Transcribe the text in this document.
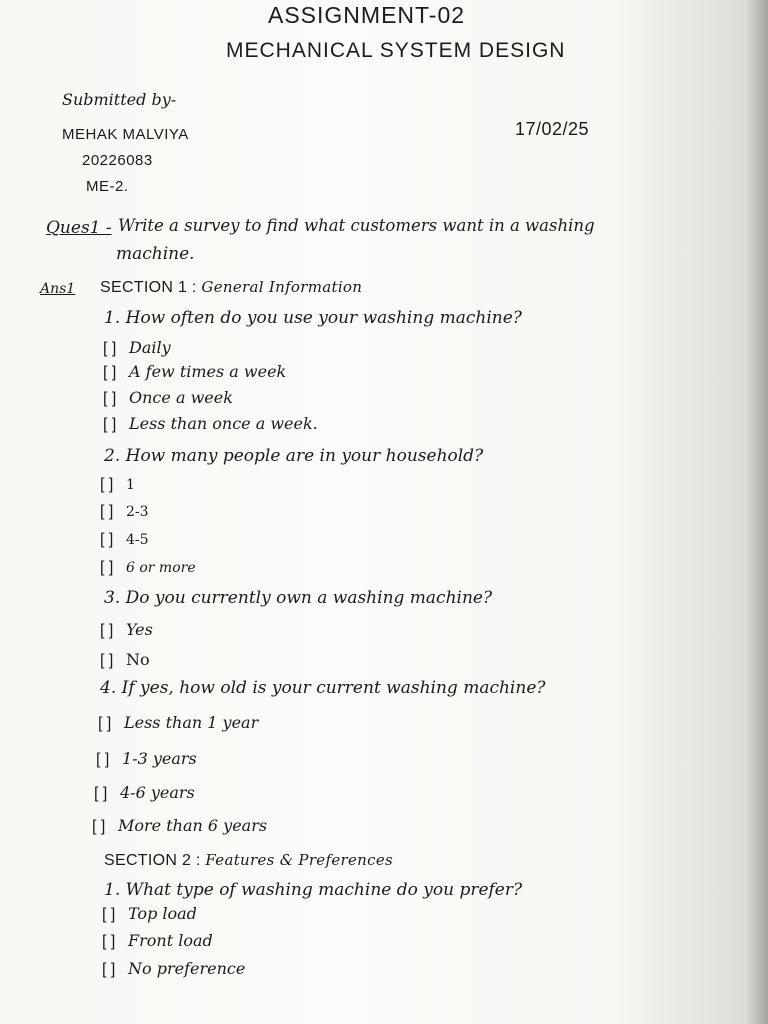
ASSIGNMENT-02
MECHANICAL SYSTEM DESIGN
Submitted by-
MEHAK MALVIYA
20226083
ME-2.
17/02/25
Ques1 - Write a survey to find what customers want in a washing
machine.
Ans1 SECTION 1 : General Information
1. How often do you use your washing machine?
[ ] Daily
[ ] A few times a week
[ ] Once a week
[ ] Less than once a week.
2. How many people are in your household?
[ ] 1
[ ] 2-3
[ ] 4-5
[ ] 6 or more
3. Do you currently own a washing machine?
[ ] Yes
[ ] No
4. If yes, how old is your current washing machine?
[ ] Less than 1 year
[ ] 1-3 years
[ ] 4-6 years
[ ] More than 6 years
SECTION 2 : Features & Preferences
1. What type of washing machine do you prefer?
[ ] Top load
[ ] Front load
[ ] No preference
